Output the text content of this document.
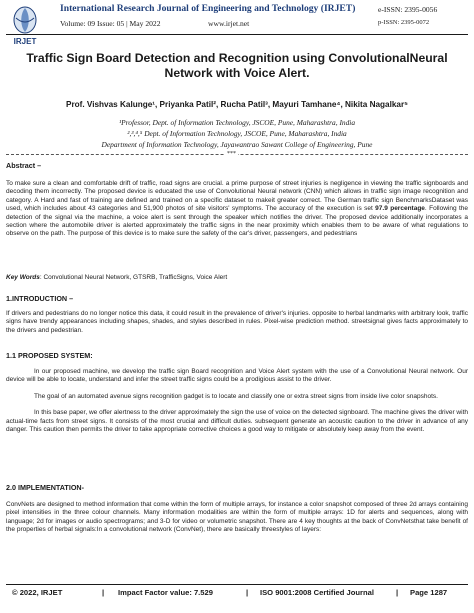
IRJET
International Research Journal of Engineering and Technology (IRJET)
Volume: 09 Issue: 05 | May 2022	www.irjet.net
e-ISSN: 2395-0056
p-ISSN: 2395-0072
Traffic Sign Board Detection and Recognition using ConvolutionalNeural
Network with Voice Alert.
Prof. Vishvas Kalunge¹, Priyanka Patil², Rucha Patil³, Mayuri Tamhane⁴, Nikita Nagalkar⁵
¹Professor, Dept. of Information Technology, JSCOE, Pune, Maharashtra, India
²,³,⁴,⁵ Dept. of Information Technology, JSCOE, Pune, Maharashtra, India
Department of Information Technology, Jayawantrao Sawant College of Engineering, Pune
***
Abstract –
To make sure a clean and comfortable drift of traffic, road signs are crucial. a prime purpose of street injuries is negligence in viewing the traffic signboards and decoding them incorrectly. The proposed device is educated the use of Convolutional Neural network (CNN) which allows in traffic sign image recognition and category. A Hard and fast of training are defined and trained on a specific dataset to makeit greater correct. The German traffic sign BenchmarksDataset was used, which includes about 43 categories and 51,900 photos of site visitors' symptoms. The accuracy of the execution is set 97.9 percentage. Following the detection of the signal via the machine, a voice alert is sent through the speaker which notifies the driver. The proposed device additionally incorporates a section where the automobile driver is alerted approximately the traffic signs in the near proximity which enables them to be aware of what regulations to observe on the path. The purpose of this device is to make sure the safety of the car's driver, passengers, and pedestrians
Key Words: Convolutional Neural Network, GTSRB, TrafficSigns, Voice Alert
1.INTRODUCTION –
If drivers and pedestrians do no longer notice this data, it could result in the prevalence of driver's injuries. opposite to herbal landmarks with arbitrary look, traffic signs have trendy appearances including shapes, shades, and styles described in rules. Pixel-wise prediction method. streetsignal gives facts approximately to the drivers and pedestrian.
1.1 PROPOSED SYSTEM:
In our proposed machine, we develop the traffic sign Board recognition and Voice Alert system with the use of a Convolutional Neural network. Our device will be able to locate, understand and infer the street traffic signs could be a prodigious assist to the driver.
The goal of an automated avenue signs recognition gadget is to locate and classify one or extra street signs from inside live color snapshots.
In this base paper, we offer alertness to the driver approximately the sign the use of voice on the detected signboard. The machine gives the driver with actual-time facts from street signs. It consists of the most crucial and difficult duties. subsequent generate an acoustic caution to the driver in advance of any danger. This caution then permits the driver to take appropriate corrective choices a good way to mitigate or absolutely keep away from the event.
2.0 IMPLEMENTATION-
ConvNets are designed to method information that come within the form of multiple arrays, for instance a color snapshot composed of three 2d arrays containing pixel intensities in the three colour channels. Many information modalities are within the form of multiple arrays: 1D for alerts and sequences, along with language; 2d for images or audio spectrograms; and 3-D for video or volumetric snapshot. There are 4 key thoughts at the back of ConvNetsthat take benefit of the properties of herbal signals:In a convolutional network (ConvNet), there are basically threestyles of layers:
© 2022, IRJET	| Impact Factor value: 7.529	| ISO 9001:2008 Certified Journal	| Page 1287
